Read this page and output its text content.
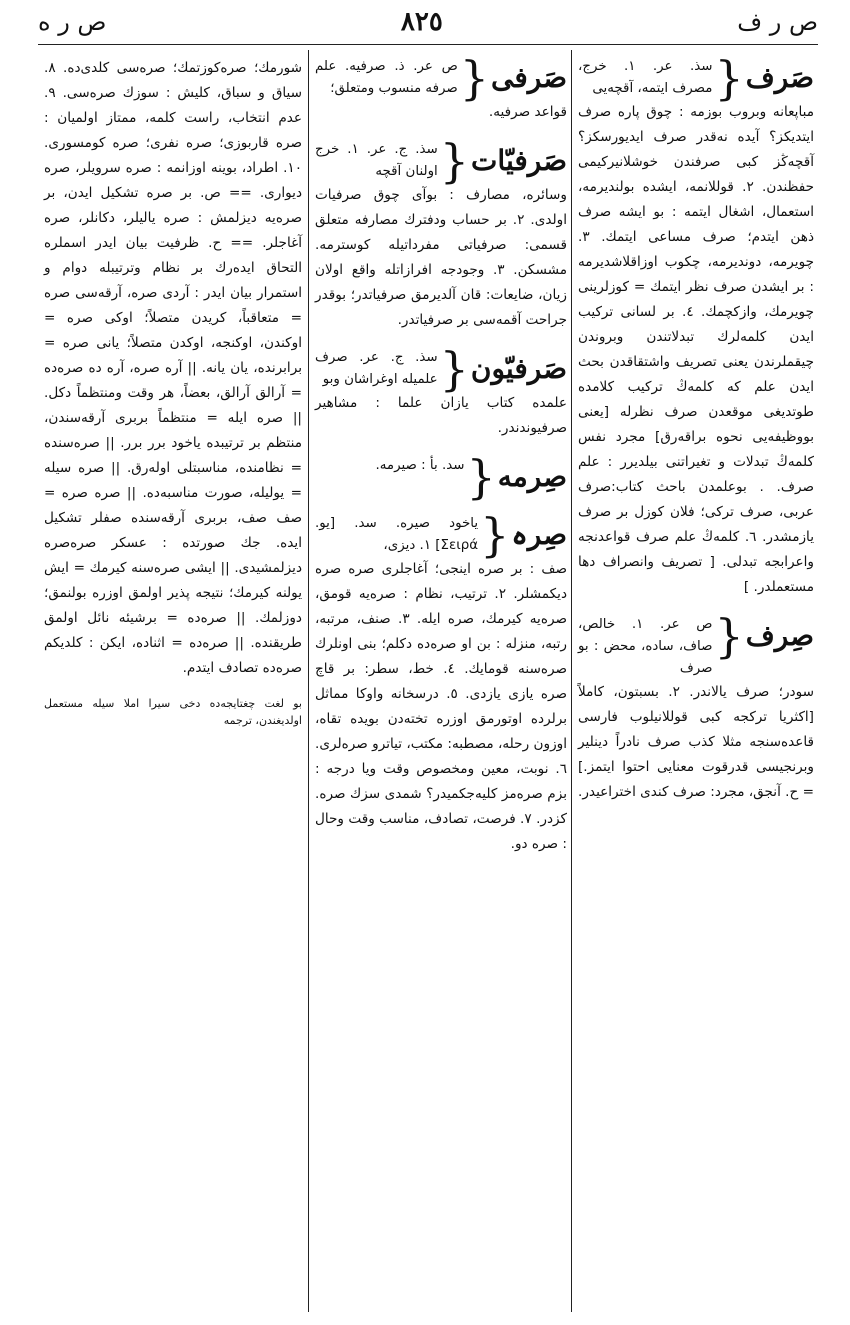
ص ر ف
٨٢٥
ص ر ه
صَرف
{
سذ. عر. ١. خرج، مصرف ایتمه، آقچه‌یی
مباپعانه وبروب بوزمه : چوق پاره صرف ایتدیکز؟ آیده نه‌قدر صرف ایدیورسکز؟ آقچه‌ڭز کبی صرفندن خوشلانیرکیمی حفظندن. ٢. قوللانمه، ایشده بولندیرمه، استعمال، اشغال ایتمه : بو ایشه صرف ذهن ایتدم؛ صرف مساعی ایتمك. ٣. چویرمه، دوندیرمه، چکوب اوزاقلاشدیرمه : بر ایشدن صرف نظر ایتمك = کوزلرینی چویرمك، وازکچمك. ٤. بر لسانی ترکیب ایدن کلمه‌لرك تبدلاتندن وبروندن چیقملرندن یعنی تصریف واشتقاقدن بحث ایدن علم که کلمه‌ڭ ترکیب کلامده طوتدیغی موقعدن صرف نظرله [یعنی بووظیفه‌یی نحوه براقه‌رق] مجرد نفس کلمه‌ڭ تبدلات و تغیراتنی بیلدیرر : علم صرف. . بوعلمدن باحث کتاب:صرف عربی، صرف ترکی؛ فلان کوزل بر صرف یازمشدر. ٦. کلمه‌ڭ علم صرف قواعدنجه واعرابجه تبدلی. [ تصریف وانصراف دها مستعملدر. ]
صِرف
{
ص عر. ١. خالص، صاف، ساده، محض : بو صرف
سودر؛ صرف یالاندر. ٢. بسبتون، کاملاً [اکثریا ترکجه کبی قوللانیلوب فارسی قاعده‌سنجه مثلا کذب صرف نادراً دینلیر وبرنجیسی قدرقوت معنایی احتوا ایتمز.] = ح. آنجق، مجرد: صرف کندی اختراعیدر.
صَرفی
{
ص عر. ذ. صرفیه. علم صرفه منسوب ومتعلق؛
قواعد صرفیه.
صَرفیّات
{
سذ. ج. عر. ١. خرج اولنان آقچه
وسائره، مصارف : بوآی چوق صرفیات اولدی. ٢. بر حساب ودفترك مصارفه متعلق قسمی: صرفیاتی مفرداتیله کوسترمه. مشسکن. ٣. وجودجه افرازاتله واقع اولان زیان، ضایعات: قان آلدیرمق صرفیاتدر؛ بوقدر جراحت آقمه‌سی بر صرفیاتدر.
صَرفیّون
{
سذ. ج. عر. صرف علمیله اوغراشان وبو
علمده کتاب یازان علما : مشاهیر صرفیوندندر.
صِرمه
{
سد. بأ : صیرمه.
صِرہ
{
یاخود صیره. سد. [یو. Σειρά] ١. دیزی،
صف : بر صره اینجی؛ آغاجلری صره صره دیکمشلر. ٢. ترتیب، نظام : صره‌یه قومق، صره‌یه کیرمك، صره ایله. ٣. صنف، مرتبه، رتبه، منزله : بن او صره‌ده دکلم؛ بنی اونلرك صره‌سنه قومایك. ٤. خط، سطر: بر قاچ صره یازی یازدی. ٥. درسخانه واوکا مماثل برلرده او‌تورمق اوزره تختەدن بویده تقاه، اوزون رحله، مصطبه: مکتب، تیاترو صره‌لری. ٦. نوبت، معین ومخصوص وقت ویا درجه : بزم صره‌مز کلیه‌جکمیدر؟ شمدی سزك صره. کزدر. ٧. فرصت، تصادف، مناسب وقت وحال : صره دو.
شورمك؛ صره‌کوزتمك؛ صره‌سی کلدی‌ده. ٨. سیاق و سباق، کلیش : سوزك صره‌سی. ٩. عدم انتخاب، راست کلمه، ممتاز اولمیان : صره قاربوزی؛ صره نفری؛ صره کومسوری. ١٠. اطراد، بوینه اوزانمه : صره سرویلر، صره دیواری. == ص. بر صره تشکیل ایدن، بر صره‌یه دیزلمش : صره یالیلر، دکانلر، صره آغاجلر. == ح. ظرفیت بیان ایدر اسملره التحاق ایده‌رك بر نظام وترتیبله دوام و استمرار بیان ایدر : آردی صره، آرقه‌سی صره = متعاقباً، کریدن متصلاً؛ اوکی صره = اوکندن، اوکنجه، اوکدن متصلاً؛ یانی صره = برابرنده، یان یانه. || آره صره، آره ده صره‌ده = آرالق آرالق، بعضاً، هر وقت ومنتظماً دکل. || صره ایله = منتظماً بربری آرقه‌سندن، منتظم بر ترتیبده یاخود برر برر. || صره‌سنده = نظامنده، مناسبتلی اولەرق. || صره سیله = یولیله، صورت مناسبه‌ده. || صره صره = صف صف، بربری آرقه‌سنده صفلر تشکیل ایده. جك صورتده : عسکر صره‌صره دیزلمشیدی. || ایشی صره‌سنه کیرمك = ایش یولنه کیرمك؛ نتیجه پذیر اولمق اوزره بولنمق؛ دوزلمك. || صره‌ده = برشیئه نائل اولمق طریقنده. || صره‌ده = اثناده، ایکن : کلدیکم صره‌ده تصادف ایتدم.
بو لغت چغتایجه‌ده دخی سیرا املا سیله مستعمل اولدیغندن، ترجمه
